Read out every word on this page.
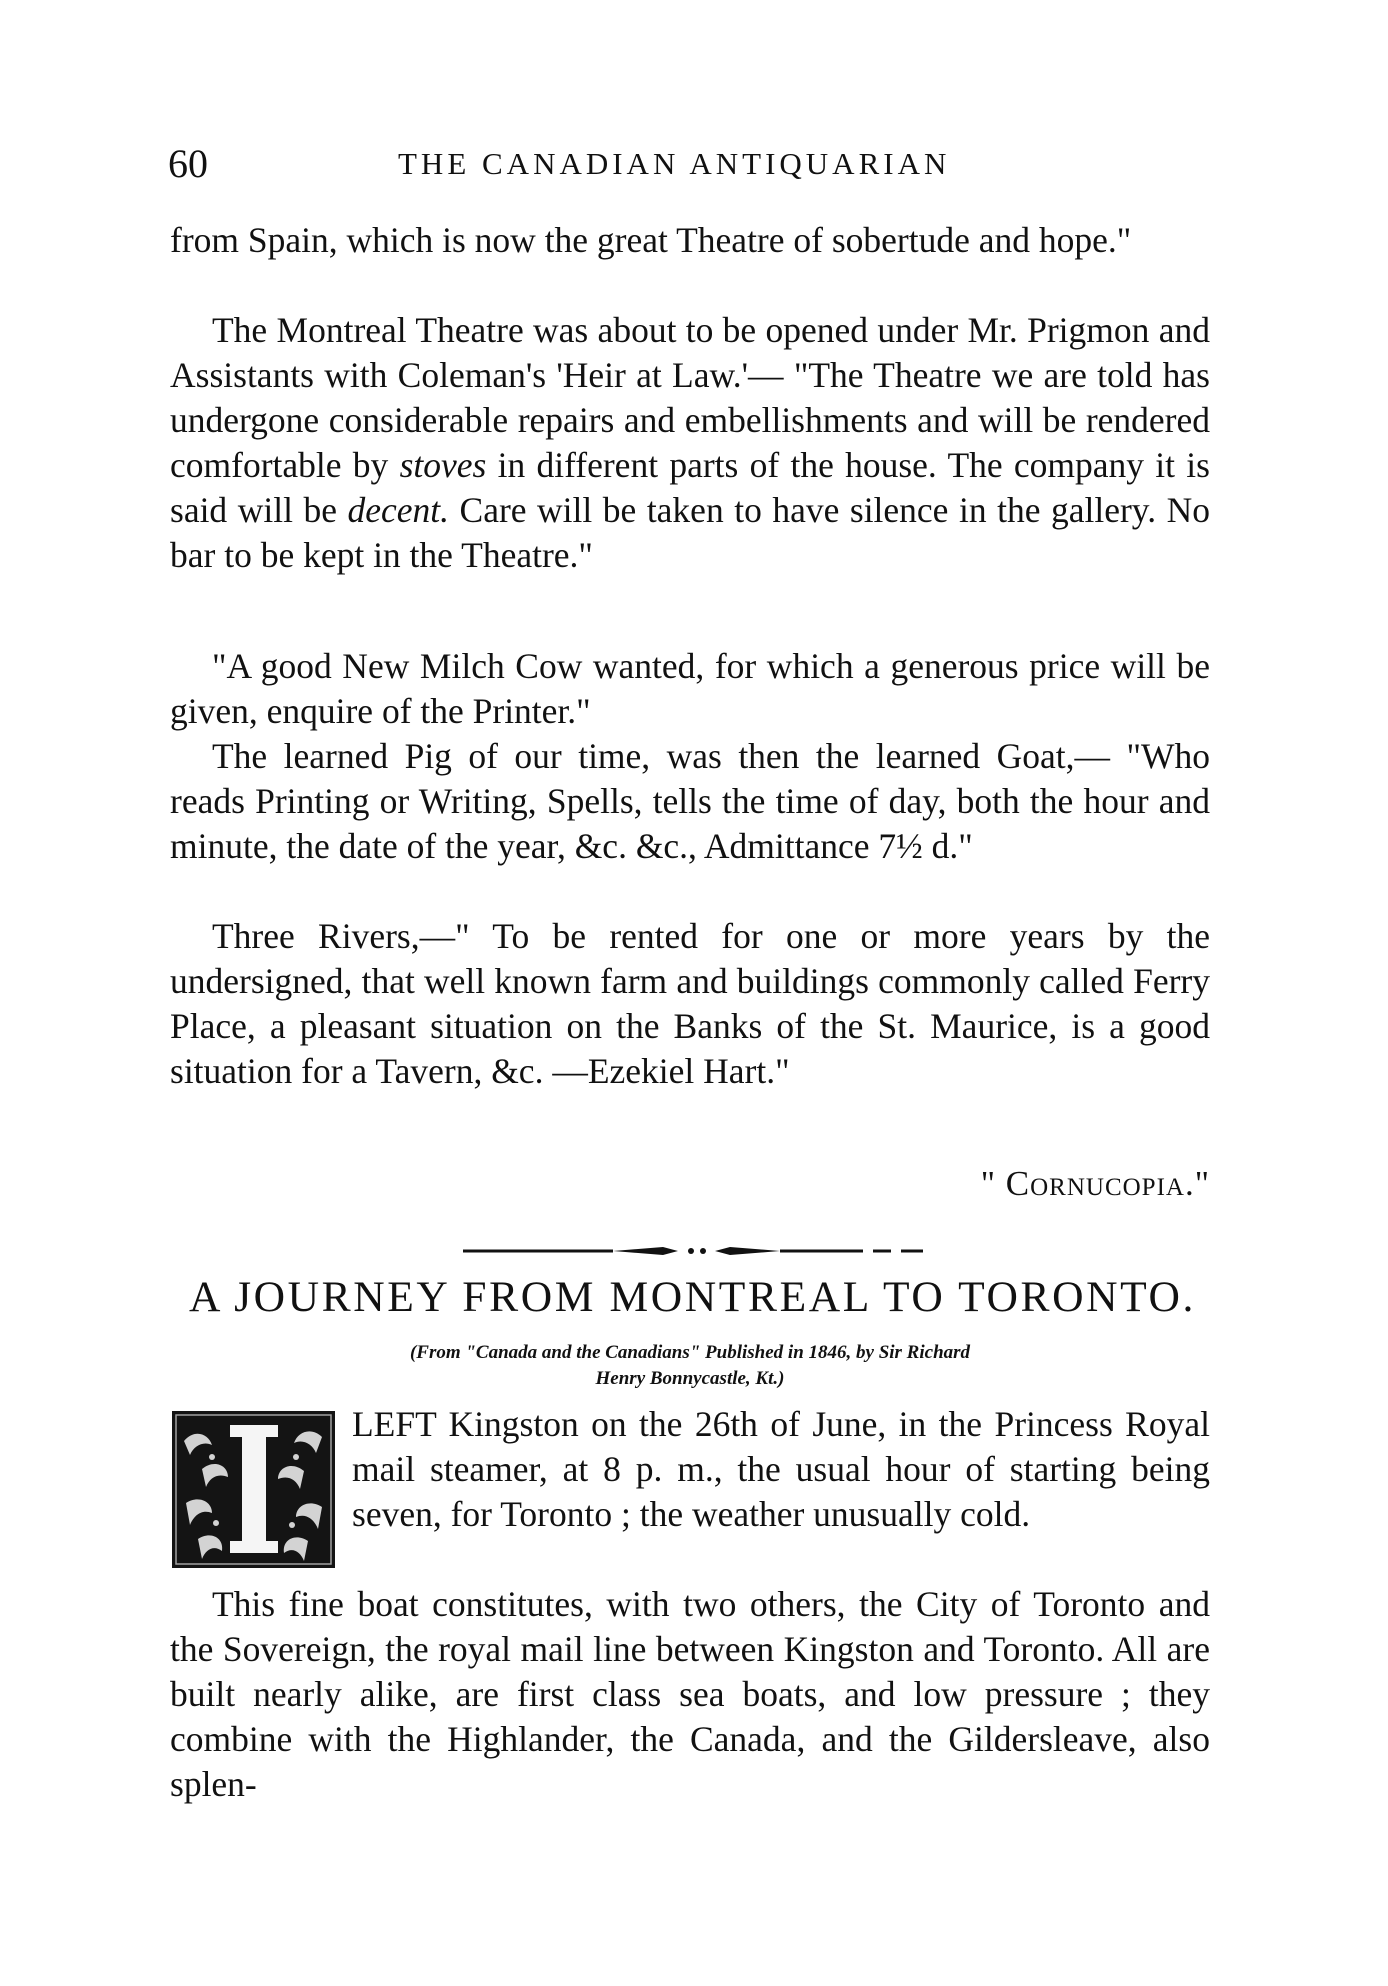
60	THE CANADIAN ANTIQUARIAN

from Spain, which is now the great Theatre of sobertude and hope."

The Montreal Theatre was about to be opened under Mr. Prigmon and Assistants with Coleman's 'Heir at Law.'— "The Theatre we are told has undergone considerable repairs and embellishments and will be rendered comfortable by stoves in different parts of the house. The company it is said will be decent. Care will be taken to have silence in the gallery. No bar to be kept in the Theatre."

"A good New Milch Cow wanted, for which a generous price will be given, enquire of the Printer."

The learned Pig of our time, was then the learned Goat,— "Who reads Printing or Writing, Spells, tells the time of day, both the hour and minute, the date of the year, &c. &c., Admittance 7½ d."

Three Rivers,—" To be rented for one or more years by the undersigned, that well known farm and buildings commonly called Ferry Place, a pleasant situation on the Banks of the St. Maurice, is a good situation for a Tavern, &c. —Ezekiel Hart."

" Cornucopia."
A JOURNEY FROM MONTREAL TO TORONTO.
(From "Canada and the Canadians" Published in 1846, by Sir Richard
Henry Bonnycastle, Kt.)

LEFT Kingston on the 26th of June, in the Princess Royal mail steamer, at 8 p. m., the usual hour of starting being seven, for Toronto ; the weather unusually cold.

This fine boat constitutes, with two others, the City of Toronto and the Sovereign, the royal mail line between Kingston and Toronto. All are built nearly alike, are first class sea boats, and low pressure ; they combine with the Highlander, the Canada, and the Gildersleave, also splen-
